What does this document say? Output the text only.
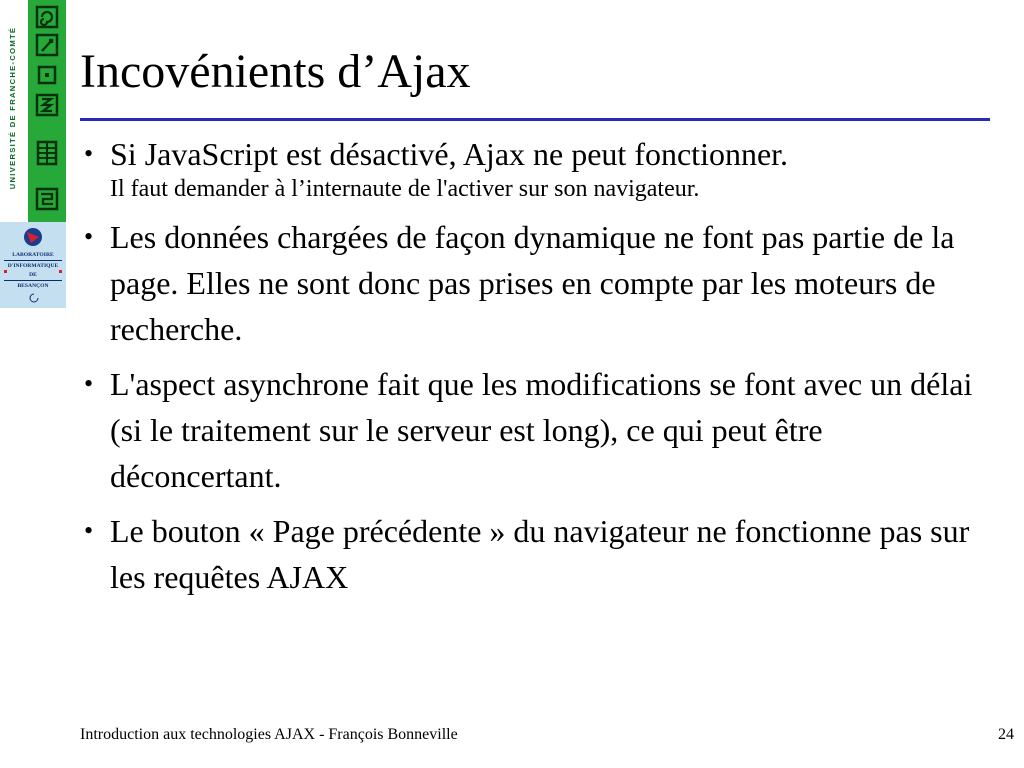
UNIVERSITÉ DE FRANCHE-COMTÉ
LABORATOIRE
D'INFORMATIQUE
DE
BESANÇON
Incovénients d’Ajax
• Si JavaScript est désactivé, Ajax ne peut fonctionner.
Il faut demander à l’internaute de l'activer sur son navigateur.
• Les données chargées de façon dynamique ne font pas partie de la page. Elles ne sont donc pas prises en compte par les moteurs de recherche.
• L'aspect asynchrone fait que les modifications se font avec un délai (si le traitement sur le serveur est long), ce qui peut être déconcertant.
• Le bouton « Page précédente » du navigateur ne fonctionne pas sur les requêtes AJAX
Introduction aux technologies AJAX - François Bonneville	24
